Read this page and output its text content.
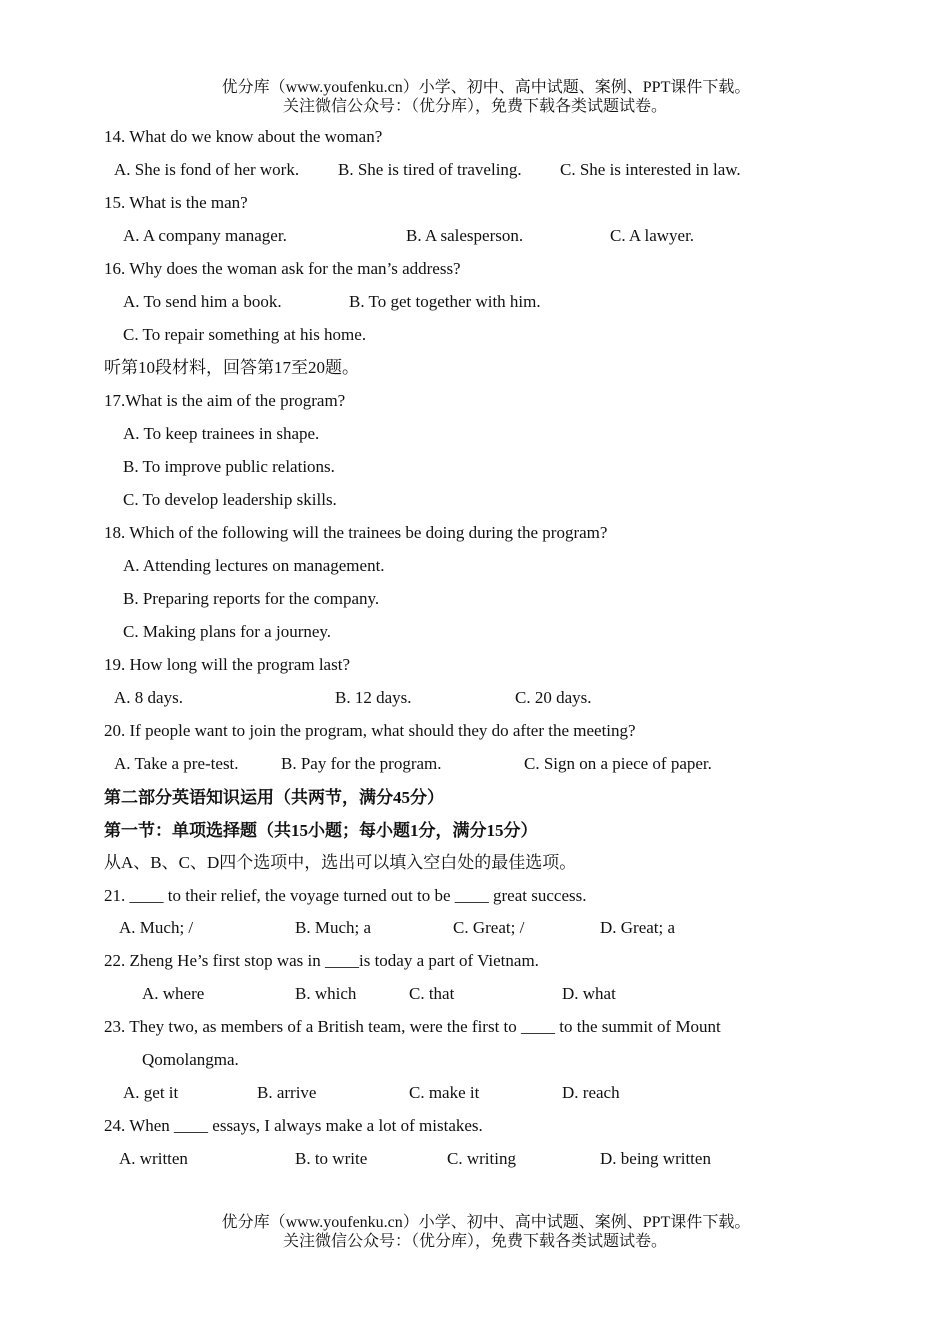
优分库（www.youfenku.cn）小学、初中、高中试题、案例、PPT课件下载。
关注微信公众号：（优分库），免费下载各类试题试卷。
14. What do we know about the woman?
A. She is fond of her work. B. She is tired of traveling. C. She is interested in law.
15. What is the man?
A. A company manager.	B. A salesperson.	C. A lawyer.
16. Why does the woman ask for the man’s address?
A. To send him a book.	B. To get together with him.
C. To repair something at his home.
听第10段材料，回答第17至20题。
17.What is the aim of the program?
A. To keep trainees in shape.
B. To improve public relations.
C. To develop leadership skills.
18. Which of the following will the trainees be doing during the program?
A. Attending lectures on management.
B. Preparing reports for the company.
C. Making plans for a journey.
19. How long will the program last?
A. 8 days.	B. 12 days.	C. 20 days.
20. If people want to join the program, what should they do after the meeting?
A. Take a pre-test. B. Pay for the program.	C. Sign on a piece of paper.
第二部分英语知识运用（共两节，满分45分）
第一节：单项选择题（共15小题；每小题1分，满分15分）
从A、B、C、D四个选项中，选出可以填入空白处的最佳选项。
21. ____ to their relief, the voyage turned out to be ____ great success.
A. Much; /	B. Much; a	C. Great; /	D. Great; a
22. Zheng He’s first stop was in ____is today a part of Vietnam.
A. where	B. which	C. that	D. what
23. They two, as members of a British team, were the first to ____ to the summit of Mount
Qomolangma.
A. get it	B. arrive	C. make it	D. reach
24. When ____ essays, I always make a lot of mistakes.
A. written	B. to write	C. writing	D. being written
优分库（www.youfenku.cn）小学、初中、高中试题、案例、PPT课件下载。
关注微信公众号：（优分库），免费下载各类试题试卷。
